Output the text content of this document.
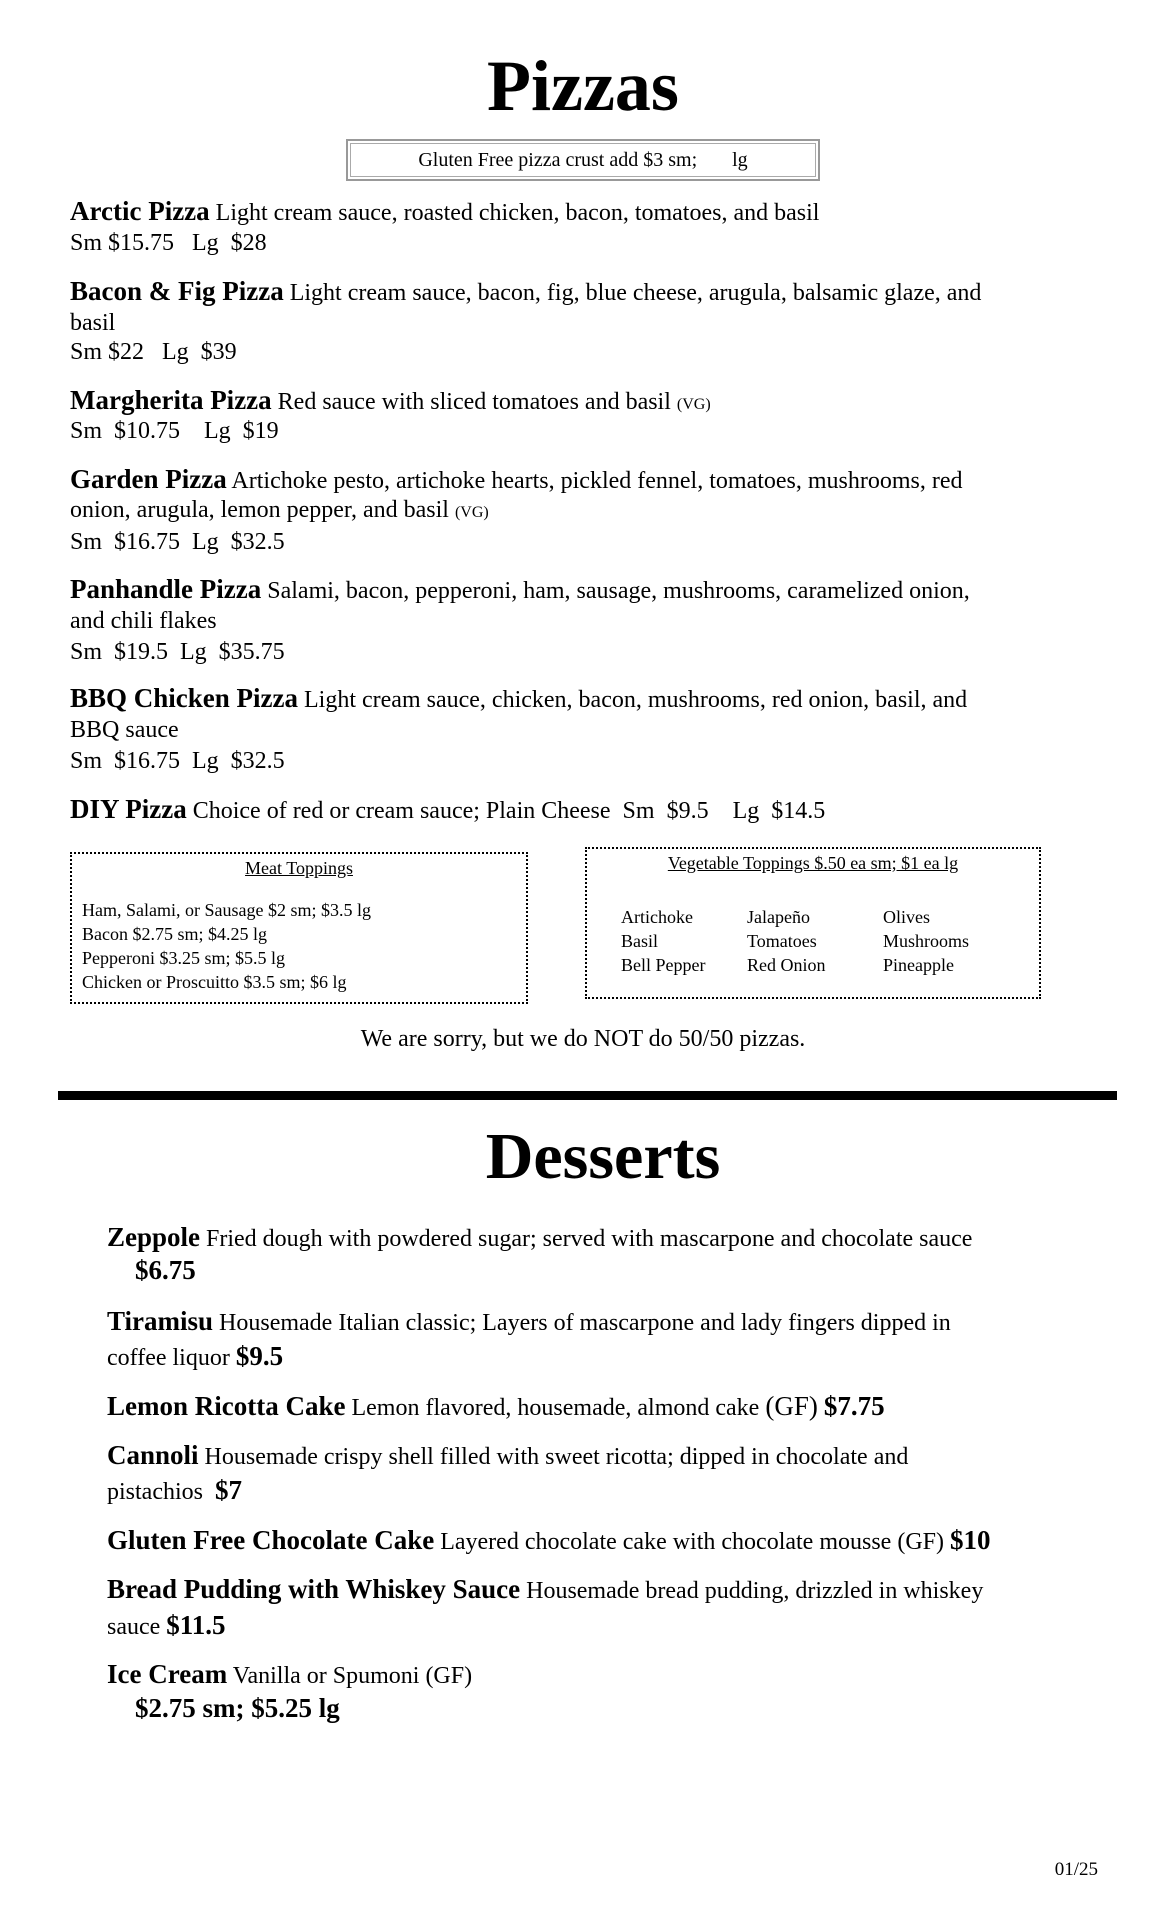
Pizzas
Gluten Free pizza crust add $3 sm;       lg
Arctic Pizza Light cream sauce, roasted chicken, bacon, tomatoes, and basil
Sm $15.75   Lg  $28
Bacon & Fig Pizza Light cream sauce, bacon, fig, blue cheese, arugula, balsamic glaze, and
basil
Sm $22   Lg  $39
Margherita Pizza Red sauce with sliced tomatoes and basil (VG)
Sm  $10.75    Lg  $19
Garden Pizza Artichoke pesto, artichoke hearts, pickled fennel, tomatoes, mushrooms, red
onion, arugula, lemon pepper, and basil (VG)
Sm  $16.75  Lg  $32.5
Panhandle Pizza Salami, bacon, pepperoni, ham, sausage, mushrooms, caramelized onion,
and chili flakes
Sm  $19.5  Lg  $35.75
BBQ Chicken Pizza Light cream sauce, chicken, bacon, mushrooms, red onion, basil, and
BBQ sauce
Sm  $16.75  Lg  $32.5
DIY Pizza Choice of red or cream sauce; Plain Cheese  Sm  $9.5    Lg  $14.5
Meat Toppings
Ham, Salami, or Sausage $2 sm; $3.5 lg
Bacon $2.75 sm; $4.25 lg
Pepperoni $3.25 sm; $5.5 lg
Chicken or Proscuitto $3.5 sm; $6 lg
Vegetable Toppings $.50 ea sm; $1 ea lg
Artichoke	Jalapeño	Olives
Basil	Tomatoes	Mushrooms
Bell Pepper	Red Onion	Pineapple
We are sorry, but we do NOT do 50/50 pizzas.
Desserts
Zeppole Fried dough with powdered sugar; served with mascarpone and chocolate sauce
$6.75
Tiramisu Housemade Italian classic; Layers of mascarpone and lady fingers dipped in
coffee liquor $9.5
Lemon Ricotta Cake Lemon flavored, housemade, almond cake (GF) $7.75
Cannoli Housemade crispy shell filled with sweet ricotta; dipped in chocolate and
pistachios $7
Gluten Free Chocolate Cake Layered chocolate cake with chocolate mousse (GF) $10
Bread Pudding with Whiskey Sauce Housemade bread pudding, drizzled in whiskey
sauce $11.5
Ice Cream Vanilla or Spumoni (GF)
$2.75 sm; $5.25 lg
01/25
